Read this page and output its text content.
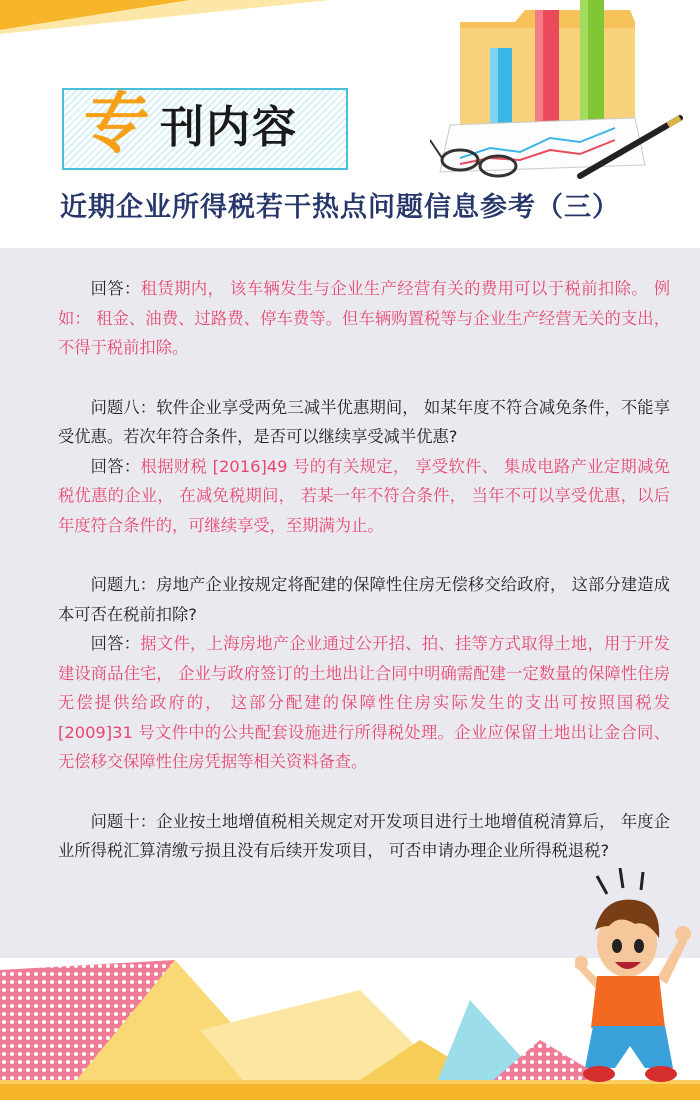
专 刊内容
近期企业所得税若干热点问题信息参考（三）

回答：租赁期内， 该车辆发生与企业生产经营有关的费用可以于税前扣除。 例如： 租金、油费、过路费、停车费等。但车辆购置税等与企业生产经营无关的支出，不得于税前扣除。

问题八：软件企业享受两免三减半优惠期间， 如某年度不符合减免条件，不能享受优惠。若次年符合条件，是否可以继续享受减半优惠?

回答：根据财税 [2016]49 号的有关规定， 享受软件、 集成电路产业定期减免税优惠的企业， 在减免税期间， 若某一年不符合条件， 当年不可以享受优惠，以后年度符合条件的，可继续享受，至期满为止。

问题九：房地产企业按规定将配建的保障性住房无偿移交给政府， 这部分建造成本可否在税前扣除?

回答：据文件，上海房地产企业通过公开招、拍、挂等方式取得土地，用于开发建设商品住宅， 企业与政府签订的土地出让合同中明确需配建一定数量的保障性住房无偿提供给政府的， 这部分配建的保障性住房实际发生的支出可按照国税发 [2009]31 号文件中的公共配套设施进行所得税处理。企业应保留土地出让金合同、无偿移交保障性住房凭据等相关资料备查。

问题十：企业按土地增值税相关规定对开发项目进行土地增值税清算后， 年度企业所得税汇算清缴亏损且没有后续开发项目， 可否申请办理企业所得税退税?
